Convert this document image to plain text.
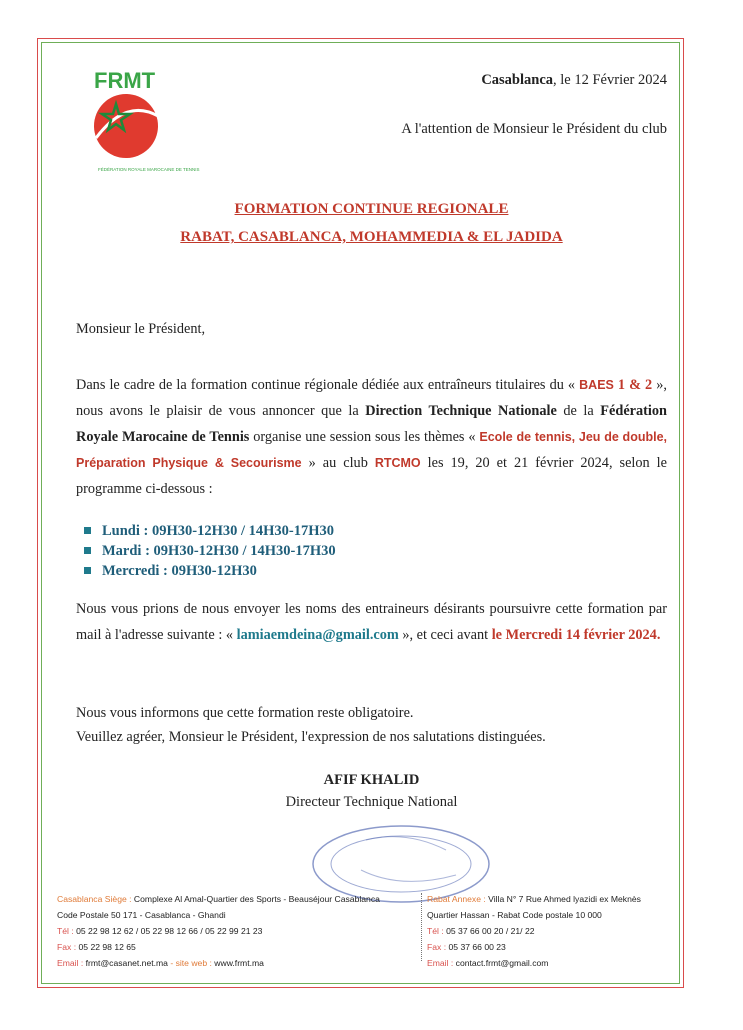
FRMT
FÉDÉRATION ROYALE MAROCAINE DE TENNIS
Casablanca, le 12 Février 2024
A l'attention de Monsieur le Président du club
FORMATION CONTINUE REGIONALE
RABAT, CASABLANCA, MOHAMMEDIA & EL JADIDA
Monsieur le Président,
Dans le cadre de la formation continue régionale dédiée aux entraîneurs titulaires du « BAES 1 & 2 », nous avons le plaisir de vous annoncer que la Direction Technique Nationale de la Fédération Royale Marocaine de Tennis organise une session sous les thèmes « Ecole de tennis, Jeu de double, Préparation Physique & Secourisme » au club RTCMO les 19, 20 et 21 février 2024, selon le programme ci-dessous :
Lundi : 09H30-12H30 / 14H30-17H30
Mardi : 09H30-12H30 / 14H30-17H30
Mercredi : 09H30-12H30
Nous vous prions de nous envoyer les noms des entraineurs désirants poursuivre cette formation par mail à l'adresse suivante : « lamiaemdeina@gmail.com », et ceci avant le Mercredi 14 février 2024.
Nous vous informons que cette formation reste obligatoire.
Veuillez agréer, Monsieur le Président, l'expression de nos salutations distinguées.
AFIF KHALID
Directeur Technique National
Casablanca Siège : Complexe Al Amal-Quartier des Sports - Beauséjour Casablanca
Code Postale 50 171 - Casablanca - Ghandi
Tél : 05 22 98 12 62 / 05 22 98 12 66 / 05 22 99 21 23
Fax : 05 22 98 12 65
Email : frmt@casanet.net.ma - site web : www.frmt.ma
Rabat Annexe : Villa N° 7 Rue Ahmed lyazidi ex Meknès
Quartier Hassan - Rabat Code postale 10 000
Tél : 05 37 66 00 20 / 21/ 22
Fax : 05 37 66 00 23
Email : contact.frmt@gmail.com
